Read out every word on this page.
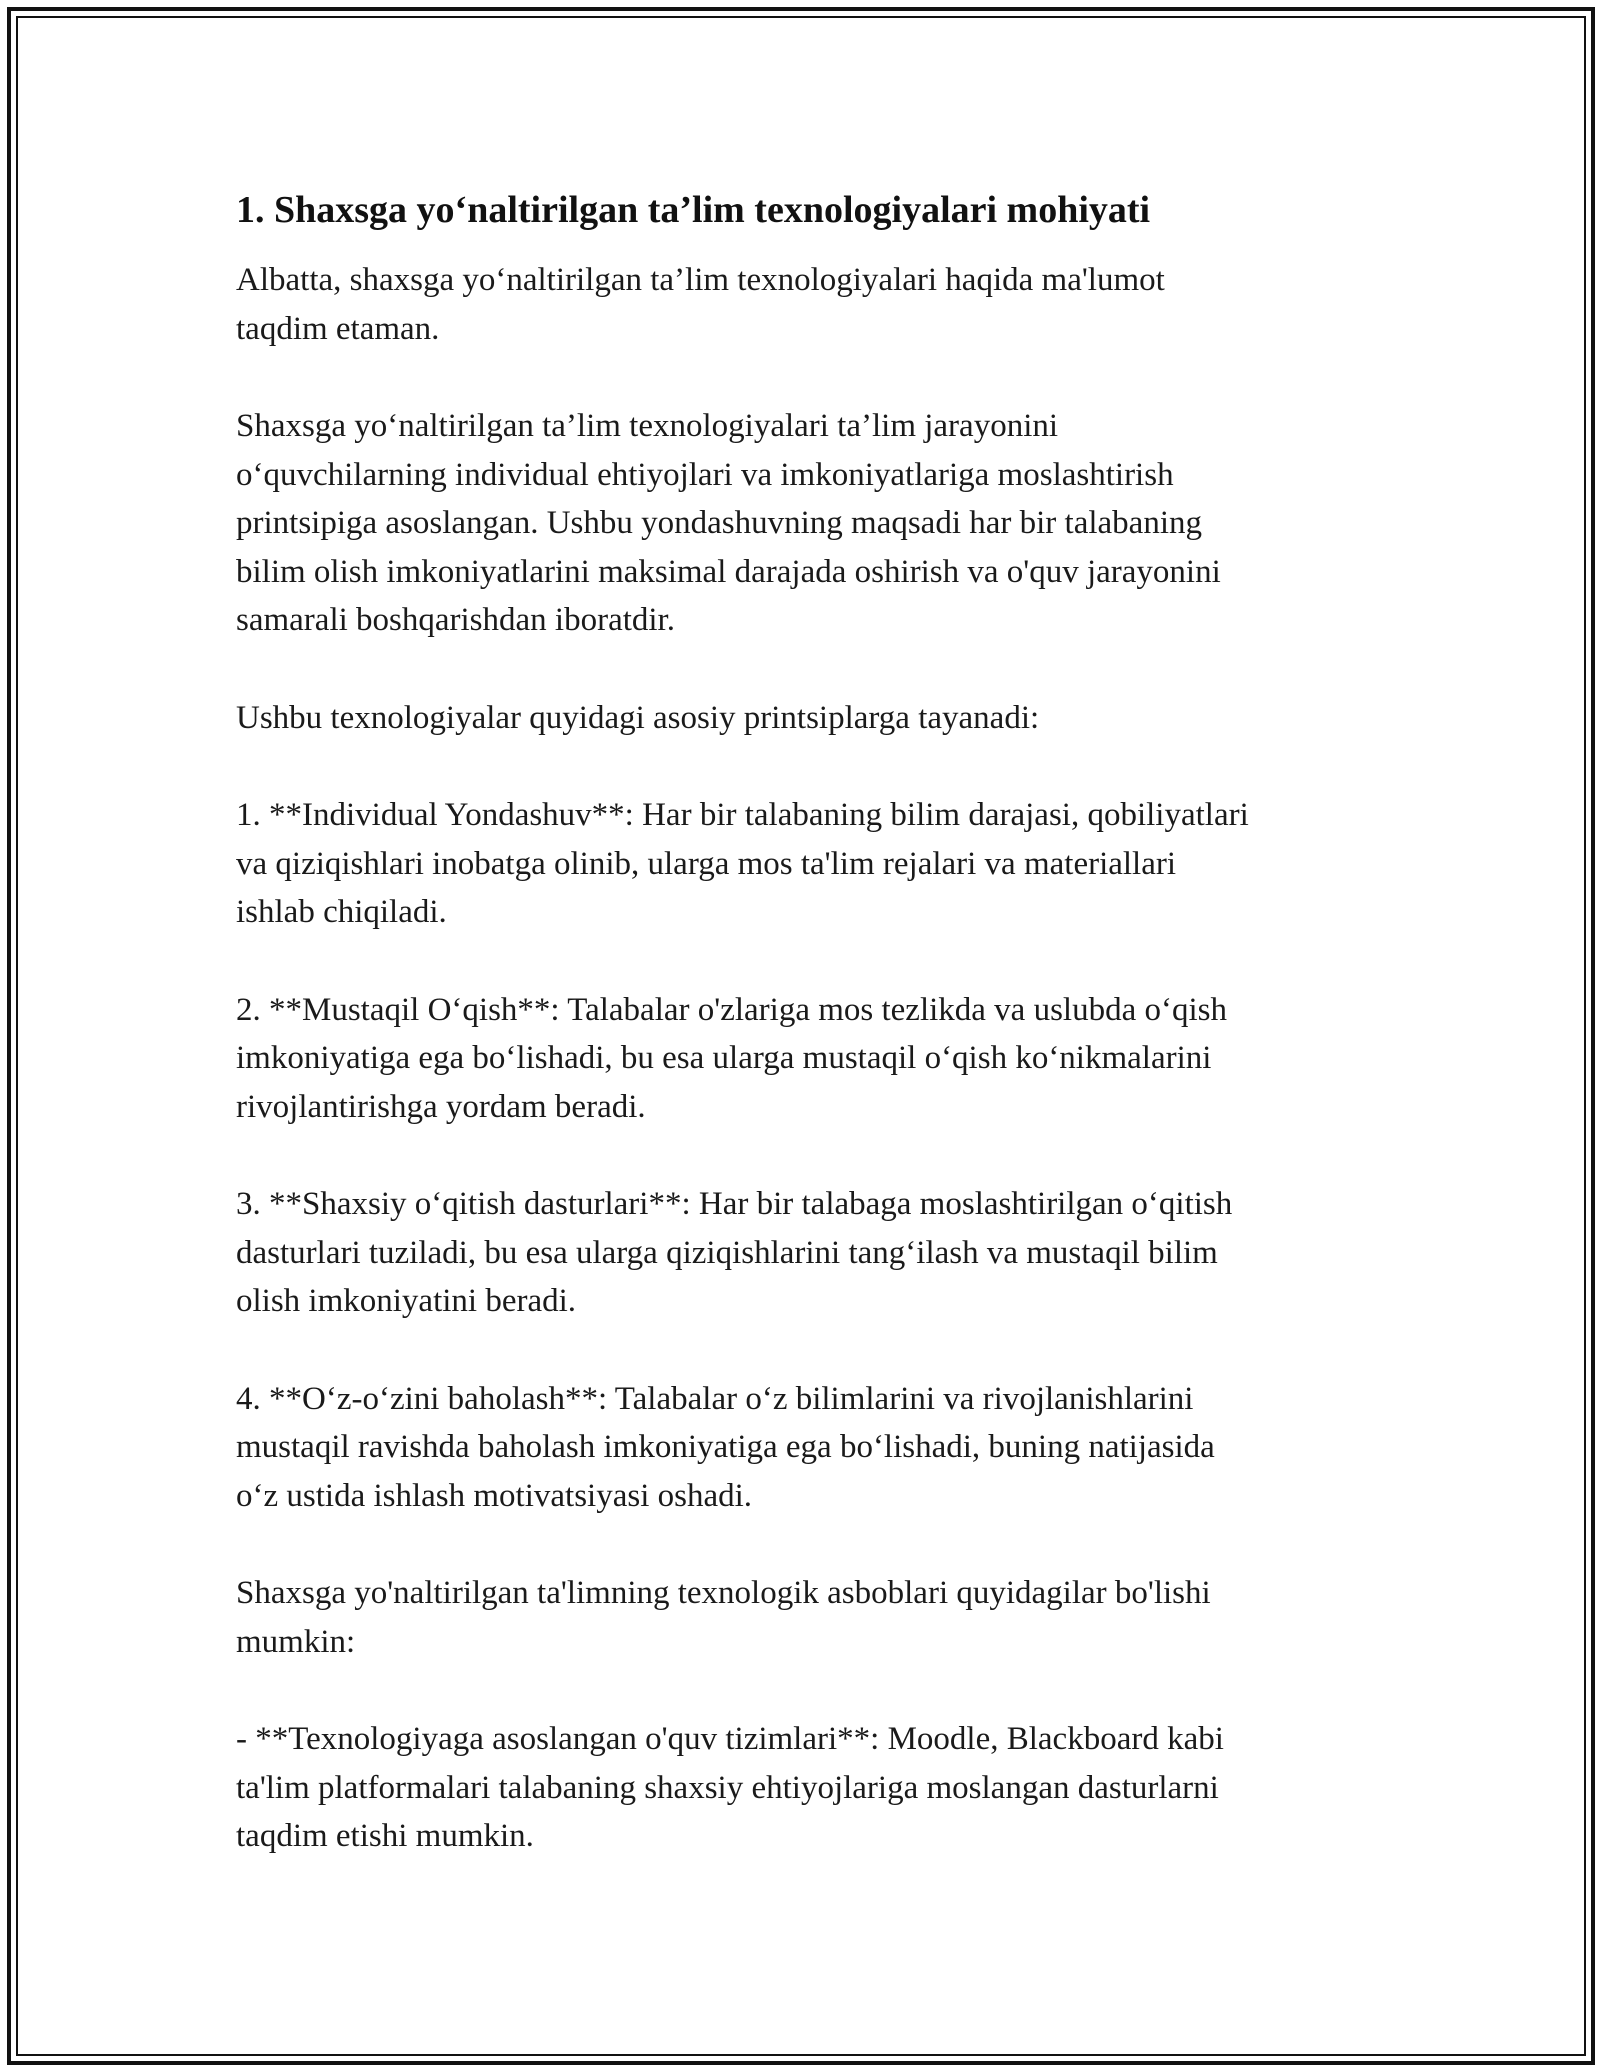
1. Shaxsga yo‘naltirilgan ta’lim texnologiyalari mohiyati

Albatta, shaxsga yo‘naltirilgan ta’lim texnologiyalari haqida ma'lumot
taqdim etaman.

Shaxsga yo‘naltirilgan ta’lim texnologiyalari ta’lim jarayonini
o‘quvchilarning individual ehtiyojlari va imkoniyatlariga moslashtirish
printsipiga asoslangan. Ushbu yondashuvning maqsadi har bir talabaning
bilim olish imkoniyatlarini maksimal darajada oshirish va o'quv jarayonini
samarali boshqarishdan iboratdir.

Ushbu texnologiyalar quyidagi asosiy printsiplarga tayanadi:

1. **Individual Yondashuv**: Har bir talabaning bilim darajasi, qobiliyatlari
va qiziqishlari inobatga olinib, ularga mos ta'lim rejalari va materiallari
ishlab chiqiladi.

2. **Mustaqil O‘qish**: Talabalar o'zlariga mos tezlikda va uslubda o‘qish
imkoniyatiga ega bo‘lishadi, bu esa ularga mustaqil o‘qish ko‘nikmalarini
rivojlantirishga yordam beradi.

3. **Shaxsiy o‘qitish dasturlari**: Har bir talabaga moslashtirilgan o‘qitish
dasturlari tuziladi, bu esa ularga qiziqishlarini tang‘ilash va mustaqil bilim
olish imkoniyatini beradi.

4. **O‘z-o‘zini baholash**: Talabalar o‘z bilimlarini va rivojlanishlarini
mustaqil ravishda baholash imkoniyatiga ega bo‘lishadi, buning natijasida
o‘z ustida ishlash motivatsiyasi oshadi.

Shaxsga yo'naltirilgan ta'limning texnologik asboblari quyidagilar bo'lishi
mumkin:

- **Texnologiyaga asoslangan o'quv tizimlari**: Moodle, Blackboard kabi
ta'lim platformalari talabaning shaxsiy ehtiyojlariga moslangan dasturlarni
taqdim etishi mumkin.
